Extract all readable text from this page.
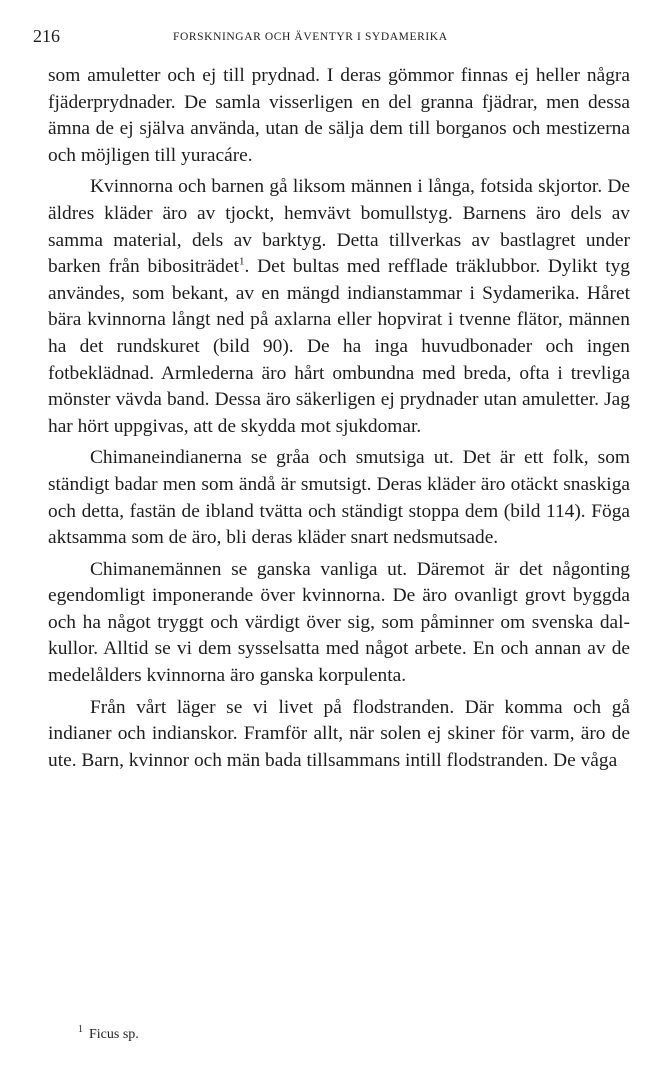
216	FORSKNINGAR OCH ÄVENTYR I SYDAMERIKA

som amuletter och ej till prydnad. I deras gömmor finnas ej heller några fjäderprydnader. De samla visserligen en del granna fjädrar, men dessa ämna de ej själva använda, utan de sälja dem till borganos och mestizerna och möjligen till yuracáre.

Kvinnorna och barnen gå liksom männen i långa, fotsida skjortor. De äldres kläder äro av tjockt, hemvävt bomullstyg. Barnens äro dels av samma material, dels av barktyg. Detta tillverkas av bastlagret under barken från bibositrädet$^1$. Det bultas med refflade träklubbor. Dylikt tyg användes, som bekant, av en mängd indianstammar i Sydamerika. Håret bära kvinnorna långt ned på axlarna eller hopvirat i tvenne flätor, männen ha det rundskuret (bild 90). De ha inga huvudbonader och ingen fotbeklädnad. Armlederna äro hårt ombundna med breda, ofta i trevliga mönster vävda band. Dessa äro säkerligen ej prydnader utan amuletter. Jag har hört uppgivas, att de skydda mot sjukdomar.

Chimaneindianerna se gråa och smutsiga ut. Det är ett folk, som ständigt badar men som ändå är smutsigt. Deras kläder äro otäckt snaskiga och detta, fastän de ibland tvätta och ständigt stoppa dem (bild 114). Föga aktsamma som de äro, bli deras kläder snart nedsmutsade.

Chimanemännen se ganska vanliga ut. Däremot är det någonting egendomligt imponerande över kvinnorna. De äro ovanligt grovt byggda och ha något tryggt och värdigt över sig, som påminner om svenska dalkullor. Alltid se vi dem sysselsatta med något arbete. En och annan av de medelålders kvinnorna äro ganska korpulenta.

Från vårt läger se vi livet på flodstranden. Där komma och gå indianer och indianskor. Framför allt, när solen ej skiner för varm, äro de ute. Barn, kvinnor och män bada tillsammans intill flodstranden. De våga

$^1$ Ficus sp.
